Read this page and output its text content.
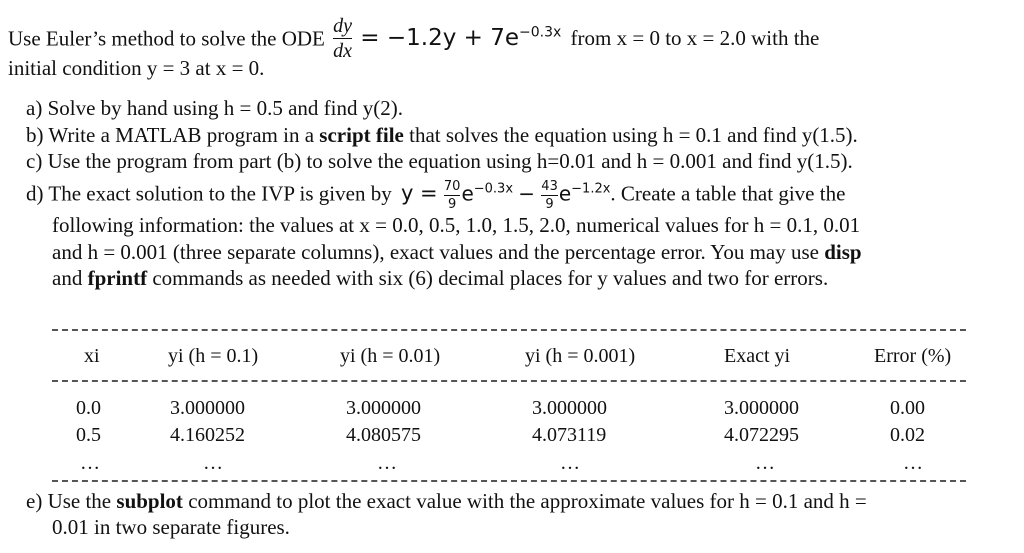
Use Euler’s method to solve the ODE $\frac{dy}{dx} = -1.2y + 7e^{-0.3x}$ from x = 0 to x = 2.0 with the
initial condition y = 3 at x = 0.
a) Solve by hand using h = 0.5 and find y(2).
b) Write a MATLAB program in a script file that solves the equation using h = 0.1 and find y(1.5).
c) Use the program from part (b) to solve the equation using h=0.01 and h = 0.001 and find y(1.5).
d) The exact solution to the IVP is given by $y = \frac{70}{9} e^{-0.3x} - \frac{43}{9} e^{-1.2x}$. Create a table that give the
following information: the values at x = 0.0, 0.5, 1.0, 1.5, 2.0, numerical values for h = 0.1, 0.01
and h = 0.001 (three separate columns), exact values and the percentage error. You may use disp
and fprintf commands as needed with six (6) decimal places for y values and two for errors.
xi	yi (h = 0.1)	yi (h = 0.01)	yi (h = 0.001)	Exact yi	Error (%)
0.0	3.000000	3.000000	3.000000	3.000000	0.00
0.5	4.160252	4.080575	4.073119	4.072295	0.02
…	…	…	…	…	…
e) Use the subplot command to plot the exact value with the approximate values for h = 0.1 and h =
0.01 in two separate figures.
